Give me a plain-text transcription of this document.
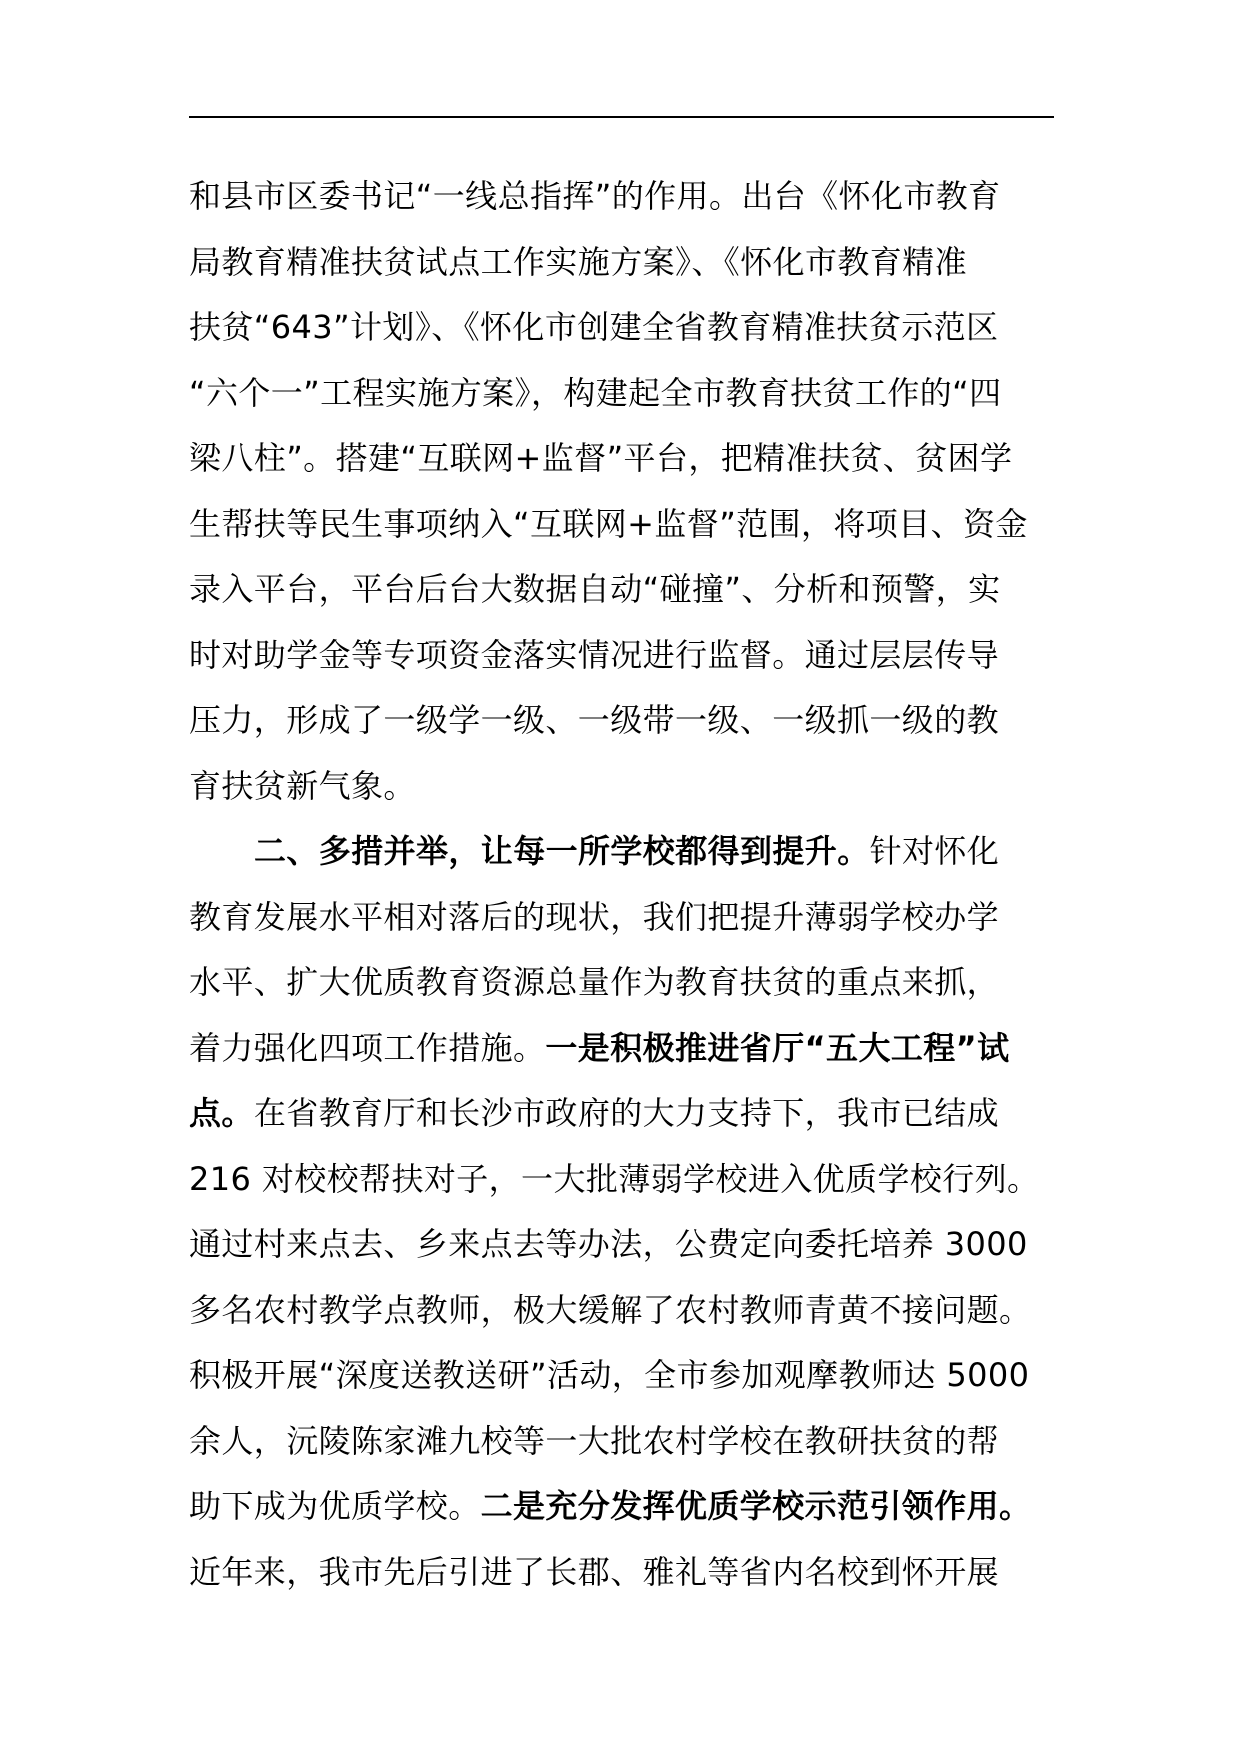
和县市区委书记“一线总指挥”的作用。出台《怀化市教育
局教育精准扶贫试点工作实施方案》、《怀化市教育精准
扶贫“643”计划》、《怀化市创建全省教育精准扶贫示范区
“六个一”工程实施方案》，构建起全市教育扶贫工作的“四
梁八柱”。搭建“互联网+监督”平台，把精准扶贫、贫困学
生帮扶等民生事项纳入“互联网+监督”范围，将项目、资金
录入平台，平台后台大数据自动“碰撞”、分析和预警，实
时对助学金等专项资金落实情况进行监督。通过层层传导
压力，形成了一级学一级、一级带一级、一级抓一级的教
育扶贫新气象。
二、多措并举，让每一所学校都得到提升。针对怀化
教育发展水平相对落后的现状，我们把提升薄弱学校办学
水平、扩大优质教育资源总量作为教育扶贫的重点来抓，
着力强化四项工作措施。一是积极推进省厅“五大工程”试
点。在省教育厅和长沙市政府的大力支持下，我市已结成
216 对校校帮扶对子，一大批薄弱学校进入优质学校行列。
通过村来点去、乡来点去等办法，公费定向委托培养 3000
多名农村教学点教师，极大缓解了农村教师青黄不接问题。
积极开展“深度送教送研”活动，全市参加观摩教师达 5000
余人，沅陵陈家滩九校等一大批农村学校在教研扶贫的帮
助下成为优质学校。二是充分发挥优质学校示范引领作用。
近年来，我市先后引进了长郡、雅礼等省内名校到怀开展
